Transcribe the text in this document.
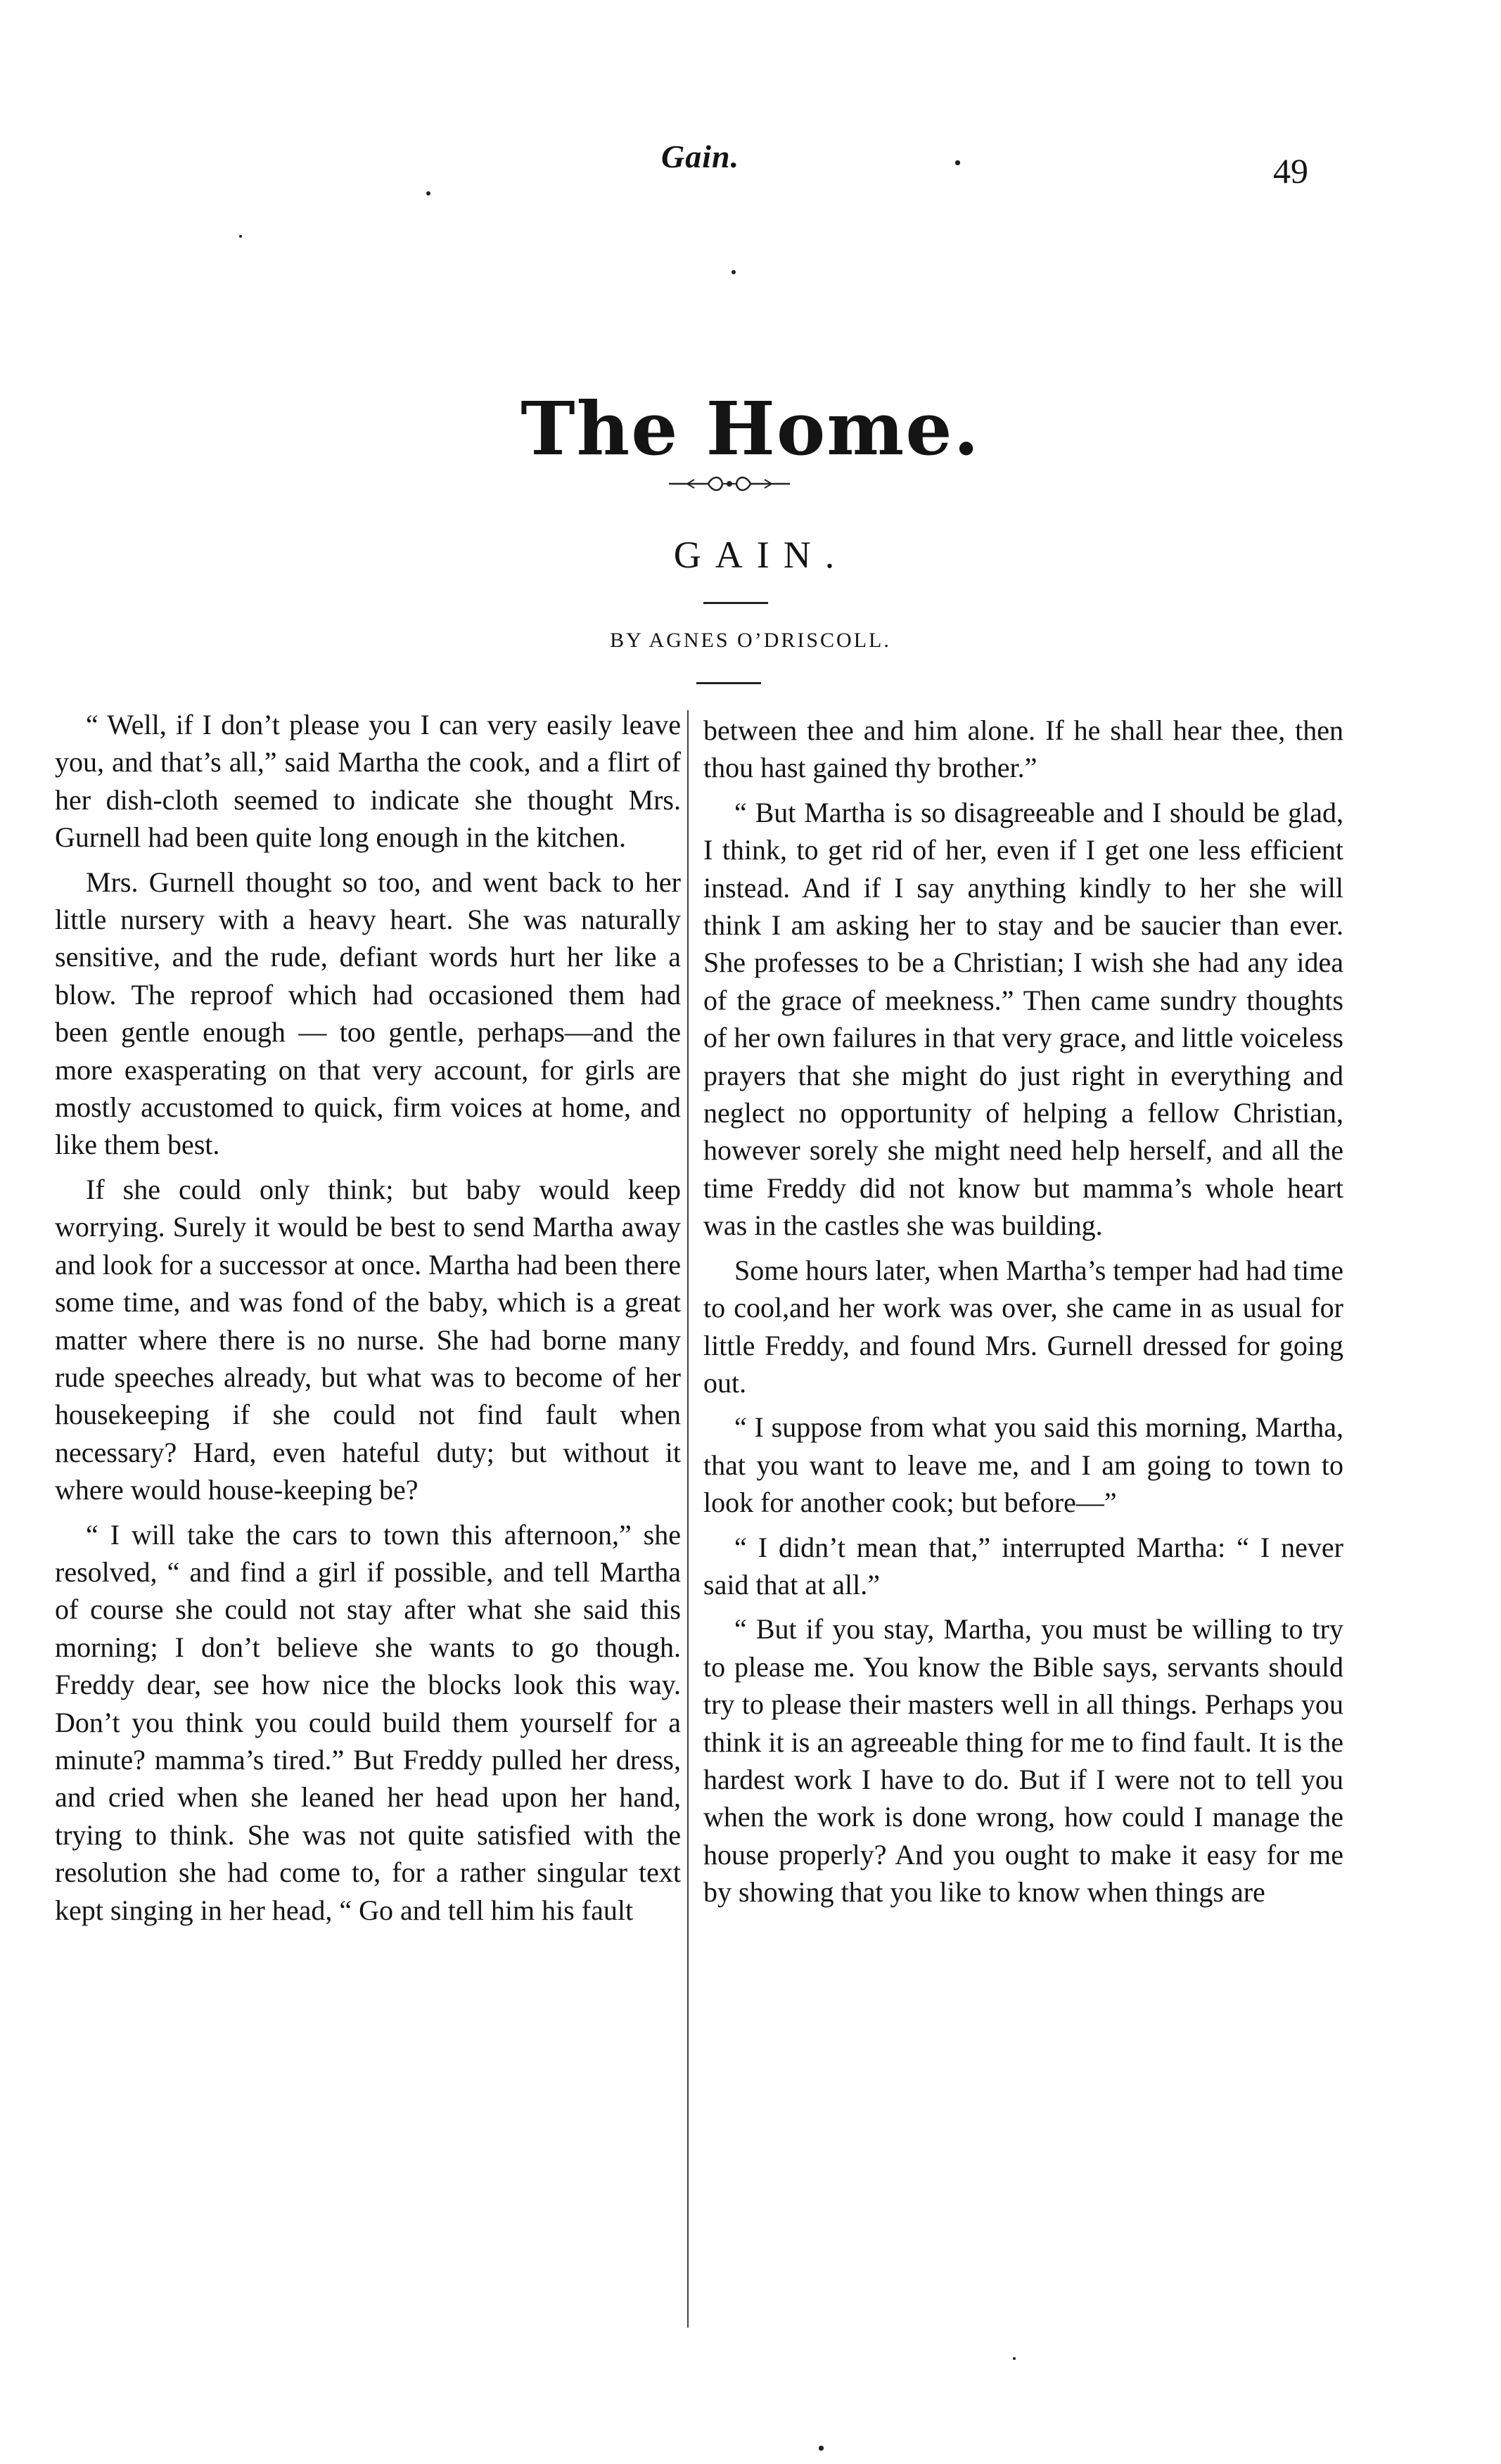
Gain.	49
The Home.
GAIN.
BY AGNES O’DRISCOLL.

“ Well, if I don’t please you I can very easily leave you, and that’s all,” said Martha the cook, and a flirt of her dish-cloth seemed to indicate she thought Mrs. Gurnell had been quite long enough in the kitchen.

Mrs. Gurnell thought so too, and went back to her little nursery with a heavy heart. She was naturally sensitive, and the rude, defiant words hurt her like a blow. The reproof which had occasioned them had been gentle enough — too gentle, perhaps—and the more exasperating on that very account, for girls are mostly accustomed to quick, firm voices at home, and like them best.

If she could only think; but baby would keep worrying. Surely it would be best to send Martha away and look for a successor at once. Martha had been there some time, and was fond of the baby, which is a great matter where there is no nurse. She had borne many rude speeches already, but what was to become of her housekeeping if she could not find fault when necessary? Hard, even hateful duty; but without it where would house-keeping be?

“ I will take the cars to town this afternoon,” she resolved, “ and find a girl if possible, and tell Martha of course she could not stay after what she said this morning; I don’t believe she wants to go though. Freddy dear, see how nice the blocks look this way. Don’t you think you could build them yourself for a minute? mamma’s tired.” But Freddy pulled her dress, and cried when she leaned her head upon her hand, trying to think. She was not quite satisfied with the resolution she had come to, for a rather singular text kept singing in her head, “ Go and tell him his fault

between thee and him alone. If he shall hear thee, then thou hast gained thy brother.”

“ But Martha is so disagreeable and I should be glad, I think, to get rid of her, even if I get one less efficient instead. And if I say anything kindly to her she will think I am asking her to stay and be saucier than ever. She professes to be a Christian; I wish she had any idea of the grace of meekness.” Then came sundry thoughts of her own failures in that very grace, and little voiceless prayers that she might do just right in everything and neglect no opportunity of helping a fellow Christian, however sorely she might need help herself, and all the time Freddy did not know but mamma’s whole heart was in the castles she was building.

Some hours later, when Martha’s temper had had time to cool,and her work was over, she came in as usual for little Freddy, and found Mrs. Gurnell dressed for going out.

“ I suppose from what you said this morning, Martha, that you want to leave me, and I am going to town to look for another cook; but before—”

“ I didn’t mean that,” interrupted Martha: “ I never said that at all.”

“ But if you stay, Martha, you must be willing to try to please me. You know the Bible says, servants should try to please their masters well in all things. Perhaps you think it is an agreeable thing for me to find fault. It is the hardest work I have to do. But if I were not to tell you when the work is done wrong, how could I manage the house properly? And you ought to make it easy for me by showing that you like to know when things are
